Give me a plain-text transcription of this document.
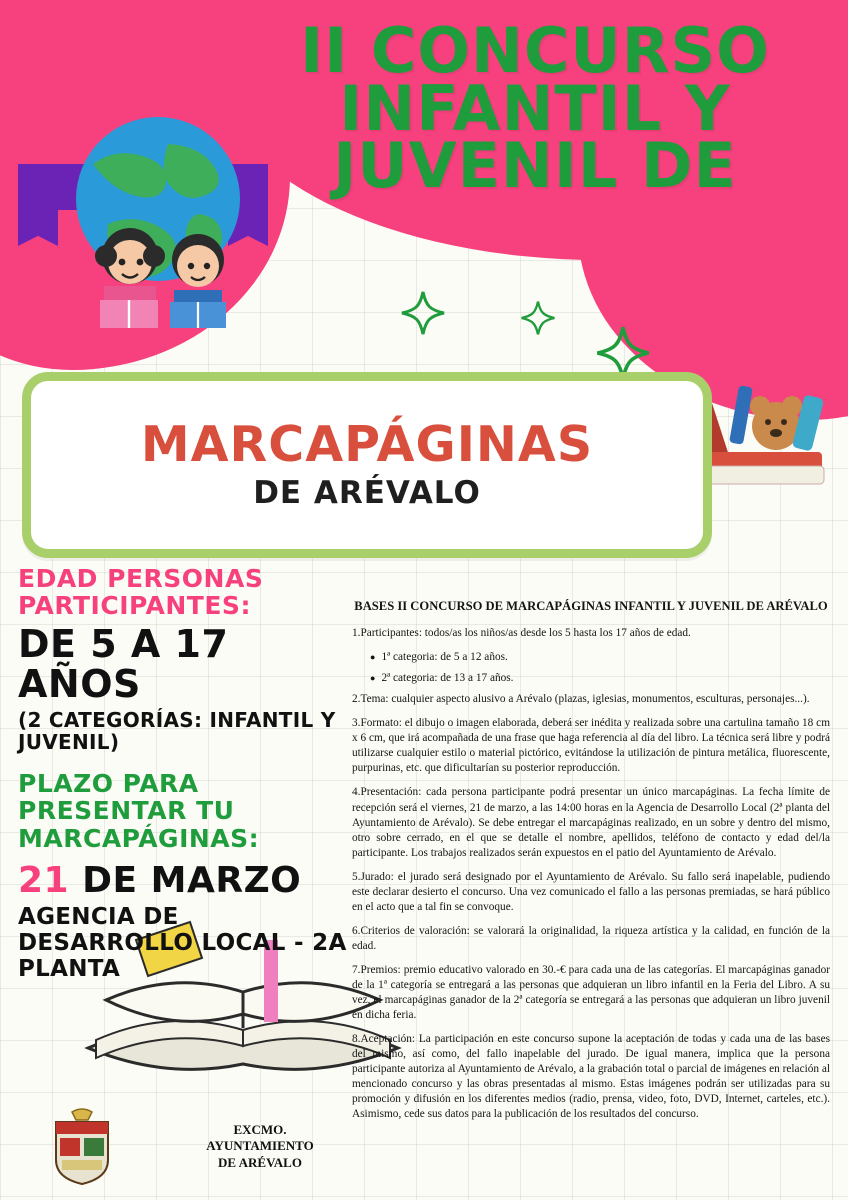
II CONCURSO
INFANTIL Y
JUVENIL DE
MARCAPÁGINAS
DE ARÉVALO
EDAD PERSONAS PARTICIPANTES:
DE 5 A 17 AÑOS
(2 CATEGORÍAS: INFANTIL Y JUVENIL)
PLAZO PARA PRESENTAR TU MARCAPÁGINAS:
21 DE MARZO
AGENCIA DE DESARROLLO LOCAL - 2A PLANTA
BASES II CONCURSO DE MARCAPÁGINAS INFANTIL Y JUVENIL DE ARÉVALO

1.Participantes: todos/as los niños/as desde los 5 hasta los 17 años de edad.

● 1ª categoria: de 5 a 12 años.
● 2ª categoria: de 13 a 17 años.

2.Tema: cualquier aspecto alusivo a Arévalo (plazas, iglesias, monumentos, esculturas, personajes...).

3.Formato: el dibujo o imagen elaborada, deberá ser inédita y realizada sobre una cartulina tamaño 18 cm x 6 cm, que irá acompañada de una frase que haga referencia al día del libro. La técnica será libre y podrá utilizarse cualquier estilo o material pictórico, evitándose la utilización de pintura metálica, fluorescente, purpurinas, etc. que dificultarían su posterior reproducción.

4.Presentación: cada persona participante podrá presentar un único marcapáginas. La fecha límite de recepción será el viernes, 21 de marzo, a las 14:00 horas en la Agencia de Desarrollo Local (2ª planta del Ayuntamiento de Arévalo). Se debe entregar el marcapáginas realizado, en un sobre y dentro del mismo, otro sobre cerrado, en el que se detalle el nombre, apellidos, teléfono de contacto y edad del/la participante. Los trabajos realizados serán expuestos en el patio del Ayuntamiento de Arévalo.

5.Jurado: el jurado será designado por el Ayuntamiento de Arévalo. Su fallo será inapelable, pudiendo este declarar desierto el concurso. Una vez comunicado el fallo a las personas premiadas, se hará público en el acto que a tal fin se convoque.

6.Criterios de valoración: se valorará la originalidad, la riqueza artística y la calidad, en función de la edad.

7.Premios: premio educativo valorado en 30.-€ para cada una de las categorías. El marcapáginas ganador de la 1ª categoría se entregará a las personas que adquieran un libro infantil en la Feria del Libro. A su vez, el marcapáginas ganador de la 2ª categoría se entregará a las personas que adquieran un libro juvenil en dicha feria.

8.Aceptación: La participación en este concurso supone la aceptación de todas y cada una de las bases del mismo, así como, del fallo inapelable del jurado. De igual manera, implica que la persona participante autoriza al Ayuntamiento de Arévalo, a la grabación total o parcial de imágenes en relación al mencionado concurso y las obras presentadas al mismo. Estas imágenes podrán ser utilizadas para su promoción y difusión en los diferentes medios (radio, prensa, video, foto, DVD, Internet, carteles, etc.). Asimismo, cede sus datos para la publicación de los resultados del concurso.

EXCMO.
AYUNTAMIENTO
DE ARÉVALO
